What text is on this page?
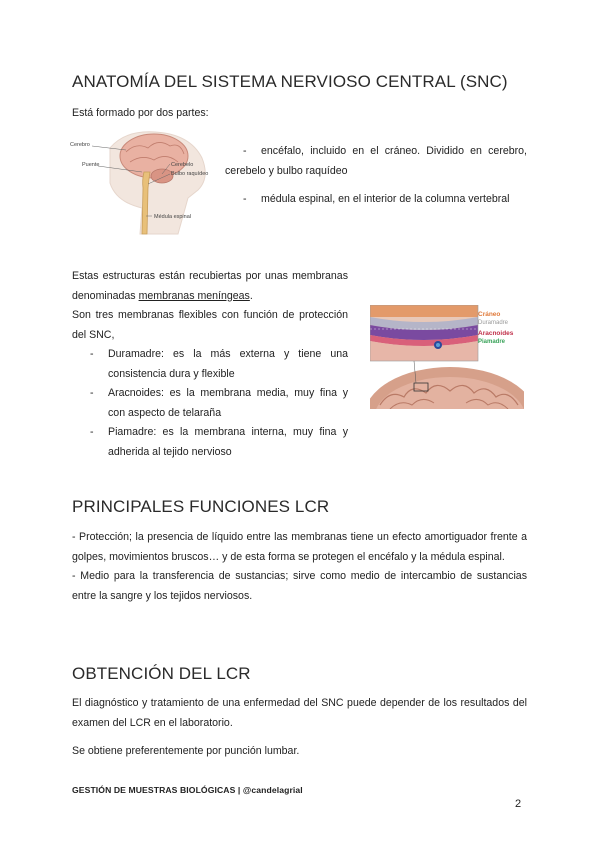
ANATOMÍA DEL SISTEMA NERVIOSO CENTRAL (SNC)
Está formado por dos partes:
Cerebro
Puente	Cerebelo
Bulbo raquídeo
Médula espinal
- encéfalo, incluido en el cráneo. Dividido en cerebro, cerebelo y bulbo raquídeo
- médula espinal, en el interior de la columna vertebral
Estas estructuras están recubiertas por unas membranas denominadas membranas meníngeas.
Son tres membranas flexibles con función de protección del SNC,
- Duramadre: es la más externa y tiene una consistencia dura y flexible
- Aracnoides: es la membrana media, muy fina y con aspecto de telaraña
- Piamadre: es la membrana interna, muy fina y adherida al tejido nervioso
Cráneo
Duramadre
Aracnoides
Piamadre
PRINCIPALES FUNCIONES LCR
- Protección; la presencia de líquido entre las membranas tiene un efecto amortiguador frente a golpes, movimientos bruscos… y de esta forma se protegen el encéfalo y la médula espinal.
- Medio para la transferencia de sustancias; sirve como medio de intercambio de sustancias entre la sangre y los tejidos nerviosos.
OBTENCIÓN DEL LCR
El diagnóstico y tratamiento de una enfermedad del SNC puede depender de los resultados del examen del LCR en el laboratorio.
Se obtiene preferentemente por punción lumbar.
GESTIÓN DE MUESTRAS BIOLÓGICAS | @candelagrial
2
